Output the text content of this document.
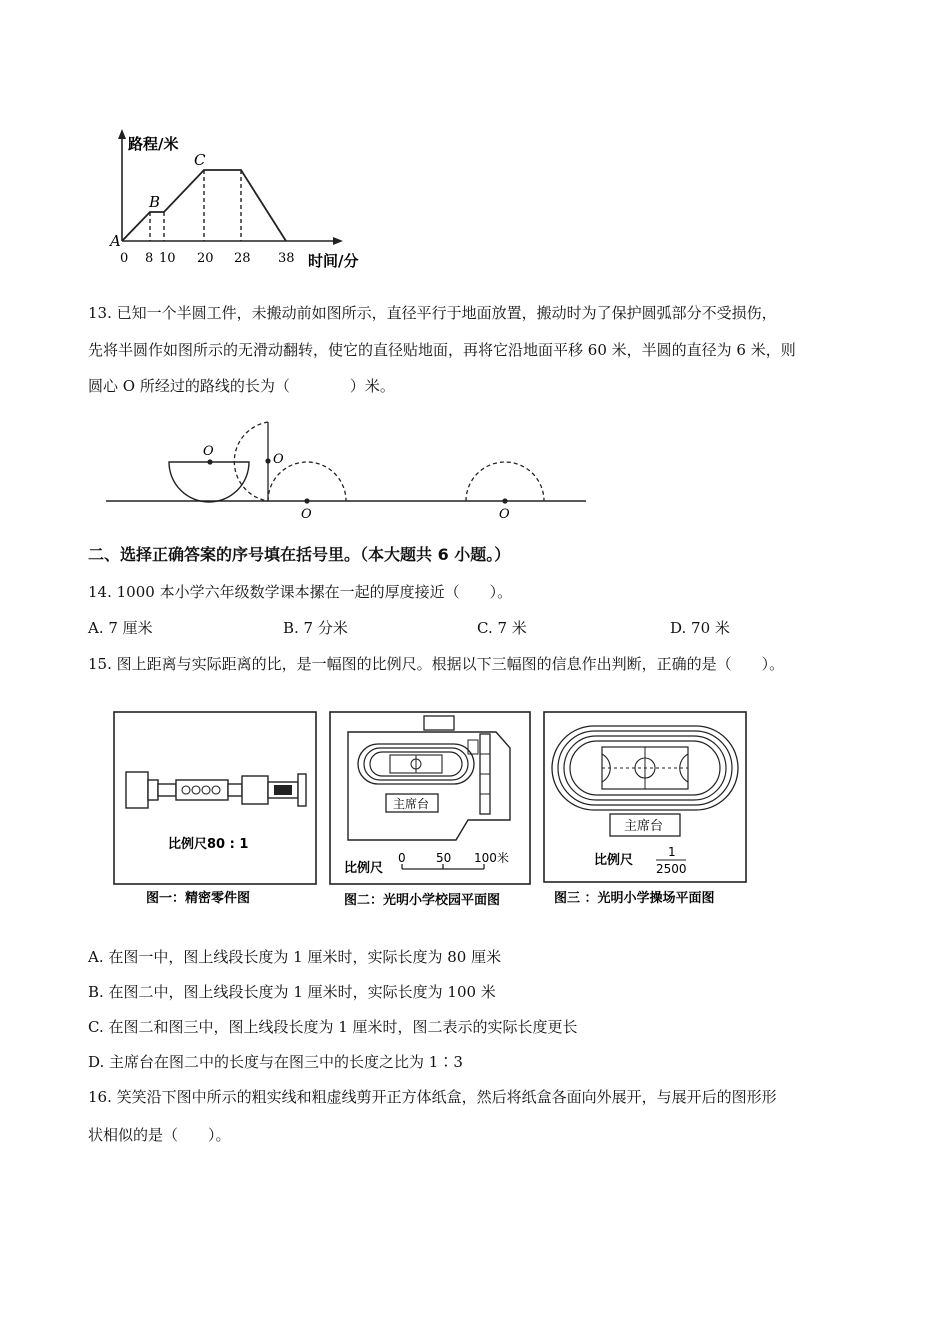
路程/米
时间/分
A
B
C
0 8 10 20 28 38
13. 已知一个半圆工件，未搬动前如图所示，直径平行于地面放置，搬动时为了保护圆弧部分不受损伤，
先将半圆作如图所示的无滑动翻转，使它的直径贴地面，再将它沿地面平移 60 米，半圆的直径为 6 米，则
圆心 O 所经过的路线的长为（　　　　）米。
O
O
O	O
二、选择正确答案的序号填在括号里。（本大题共 6 小题。）
14. 1000 本小学六年级数学课本摞在一起的厚度接近（　　）。
A. 7 厘米	B. 7 分米	C. 7 米	D. 70 米
15. 图上距离与实际距离的比，是一幅图的比例尺。根据以下三幅图的信息作出判断，正确的是（　　）。
比例尺80 : 1
图一：精密零件图
主席台
比例尺
0	50 100米
图二：光明小学校园平面图
主席台
比例尺
1
2500
图三 ：光明小学操场平面图
A. 在图一中，图上线段长度为 1 厘米时，实际长度为 80 厘米
B. 在图二中，图上线段长度为 1 厘米时，实际长度为 100 米
C. 在图二和图三中，图上线段长度为 1 厘米时，图二表示的实际长度更长
D. 主席台在图二中的长度与在图三中的长度之比为 1∶3
16. 笑笑沿下图中所示的粗实线和粗虚线剪开正方体纸盒，然后将纸盒各面向外展开，与展开后的图形形
状相似的是（　　）。
